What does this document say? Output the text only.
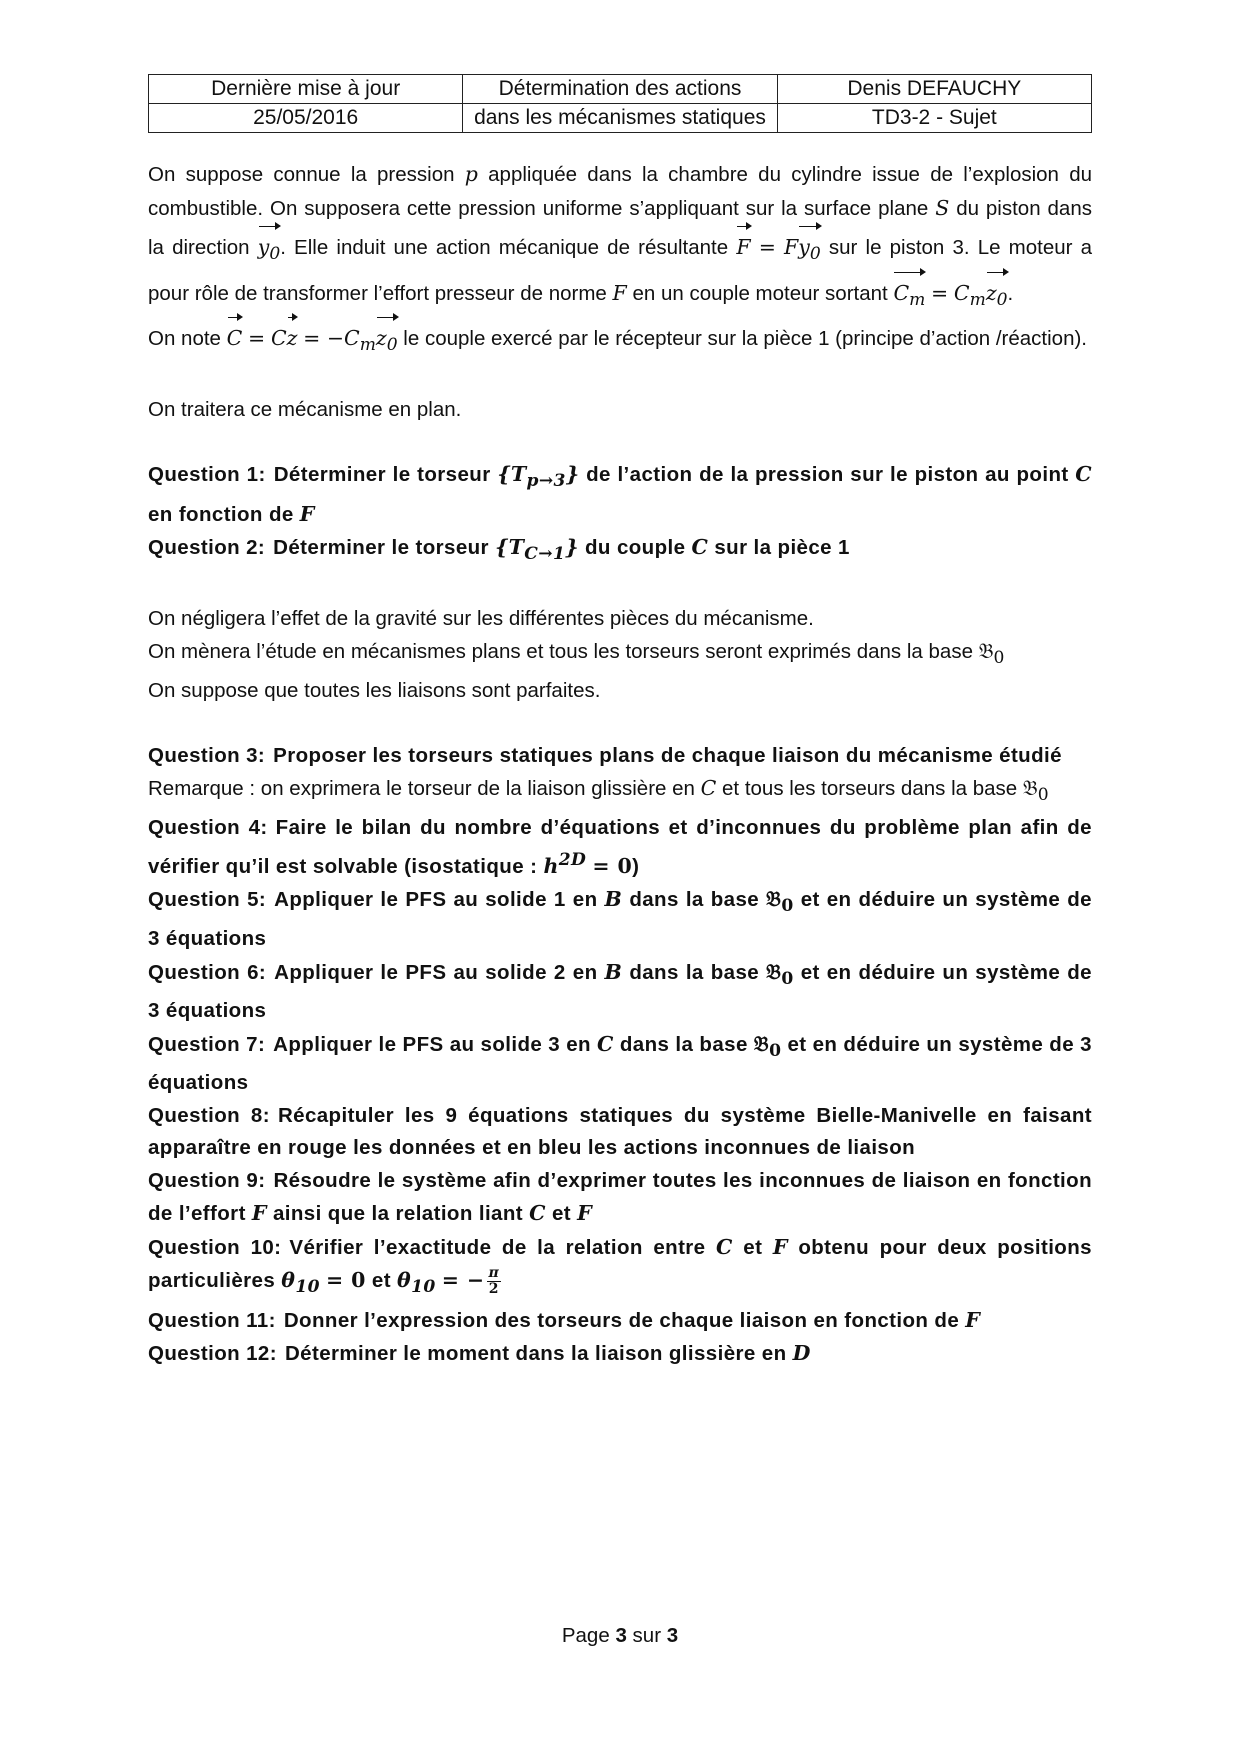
Dernière mise à jour	Détermination des actions	Denis DEFAUCHY
25/05/2016	dans les mécanismes statiques	TD3-2 - Sujet

On suppose connue la pression p appliquée dans la chambre du cylindre issue de l’explosion du combustible. On supposera cette pression uniforme s’appliquant sur la surface plane S du piston dans la direction $y_0$. Elle induit une action mécanique de résultante $F = Fy_0$ sur le piston 3. Le moteur a pour rôle de transformer l’effort presseur de norme F en un couple moteur sortant $C_m = C_mz_0$.

On note $C = Cz = -C_mz_0$ le couple exercé par le récepteur sur la pièce 1 (principe d’action /réaction).

On traitera ce mécanisme en plan.

Question 1: Déterminer le torseur $\{T_{p\to 3}\}$ de l’action de la pression sur le piston au point C en fonction de F

Question 2: Déterminer le torseur $\{T_{C\to 1}\}$ du couple C sur la pièce 1

On négligera l’effet de la gravité sur les différentes pièces du mécanisme.

On mènera l’étude en mécanismes plans et tous les torseurs seront exprimés dans la base 𝔅$_0$

On suppose que toutes les liaisons sont parfaites.

Question 3: Proposer les torseurs statiques plans de chaque liaison du mécanisme étudié

Remarque : on exprimera le torseur de la liaison glissière en C et tous les torseurs dans la base 𝔅$_0$

Question 4: Faire le bilan du nombre d’équations et d’inconnues du problème plan afin de vérifier qu’il est solvable (isostatique : $h^{2D} = 0$)

Question 5: Appliquer le PFS au solide 1 en B dans la base 𝔅$_0$ et en déduire un système de 3 équations

Question 6: Appliquer le PFS au solide 2 en B dans la base 𝔅$_0$ et en déduire un système de 3 équations

Question 7: Appliquer le PFS au solide 3 en C dans la base 𝔅$_0$ et en déduire un système de 3 équations

Question 8: Récapituler les 9 équations statiques du système Bielle-Manivelle en faisant apparaître en rouge les données et en bleu les actions inconnues de liaison

Question 9: Résoudre le système afin d’exprimer toutes les inconnues de liaison en fonction de l’effort F ainsi que la relation liant C et F

Question 10: Vérifier l’exactitude de la relation entre C et F obtenu pour deux positions particulières $\theta_{10} = 0$ et $\theta_{10}$ = − $\frac{\pi}{2}$

Question 11: Donner l’expression des torseurs de chaque liaison en fonction de F

Question 12: Déterminer le moment dans la liaison glissière en D

Page 3 sur 3
